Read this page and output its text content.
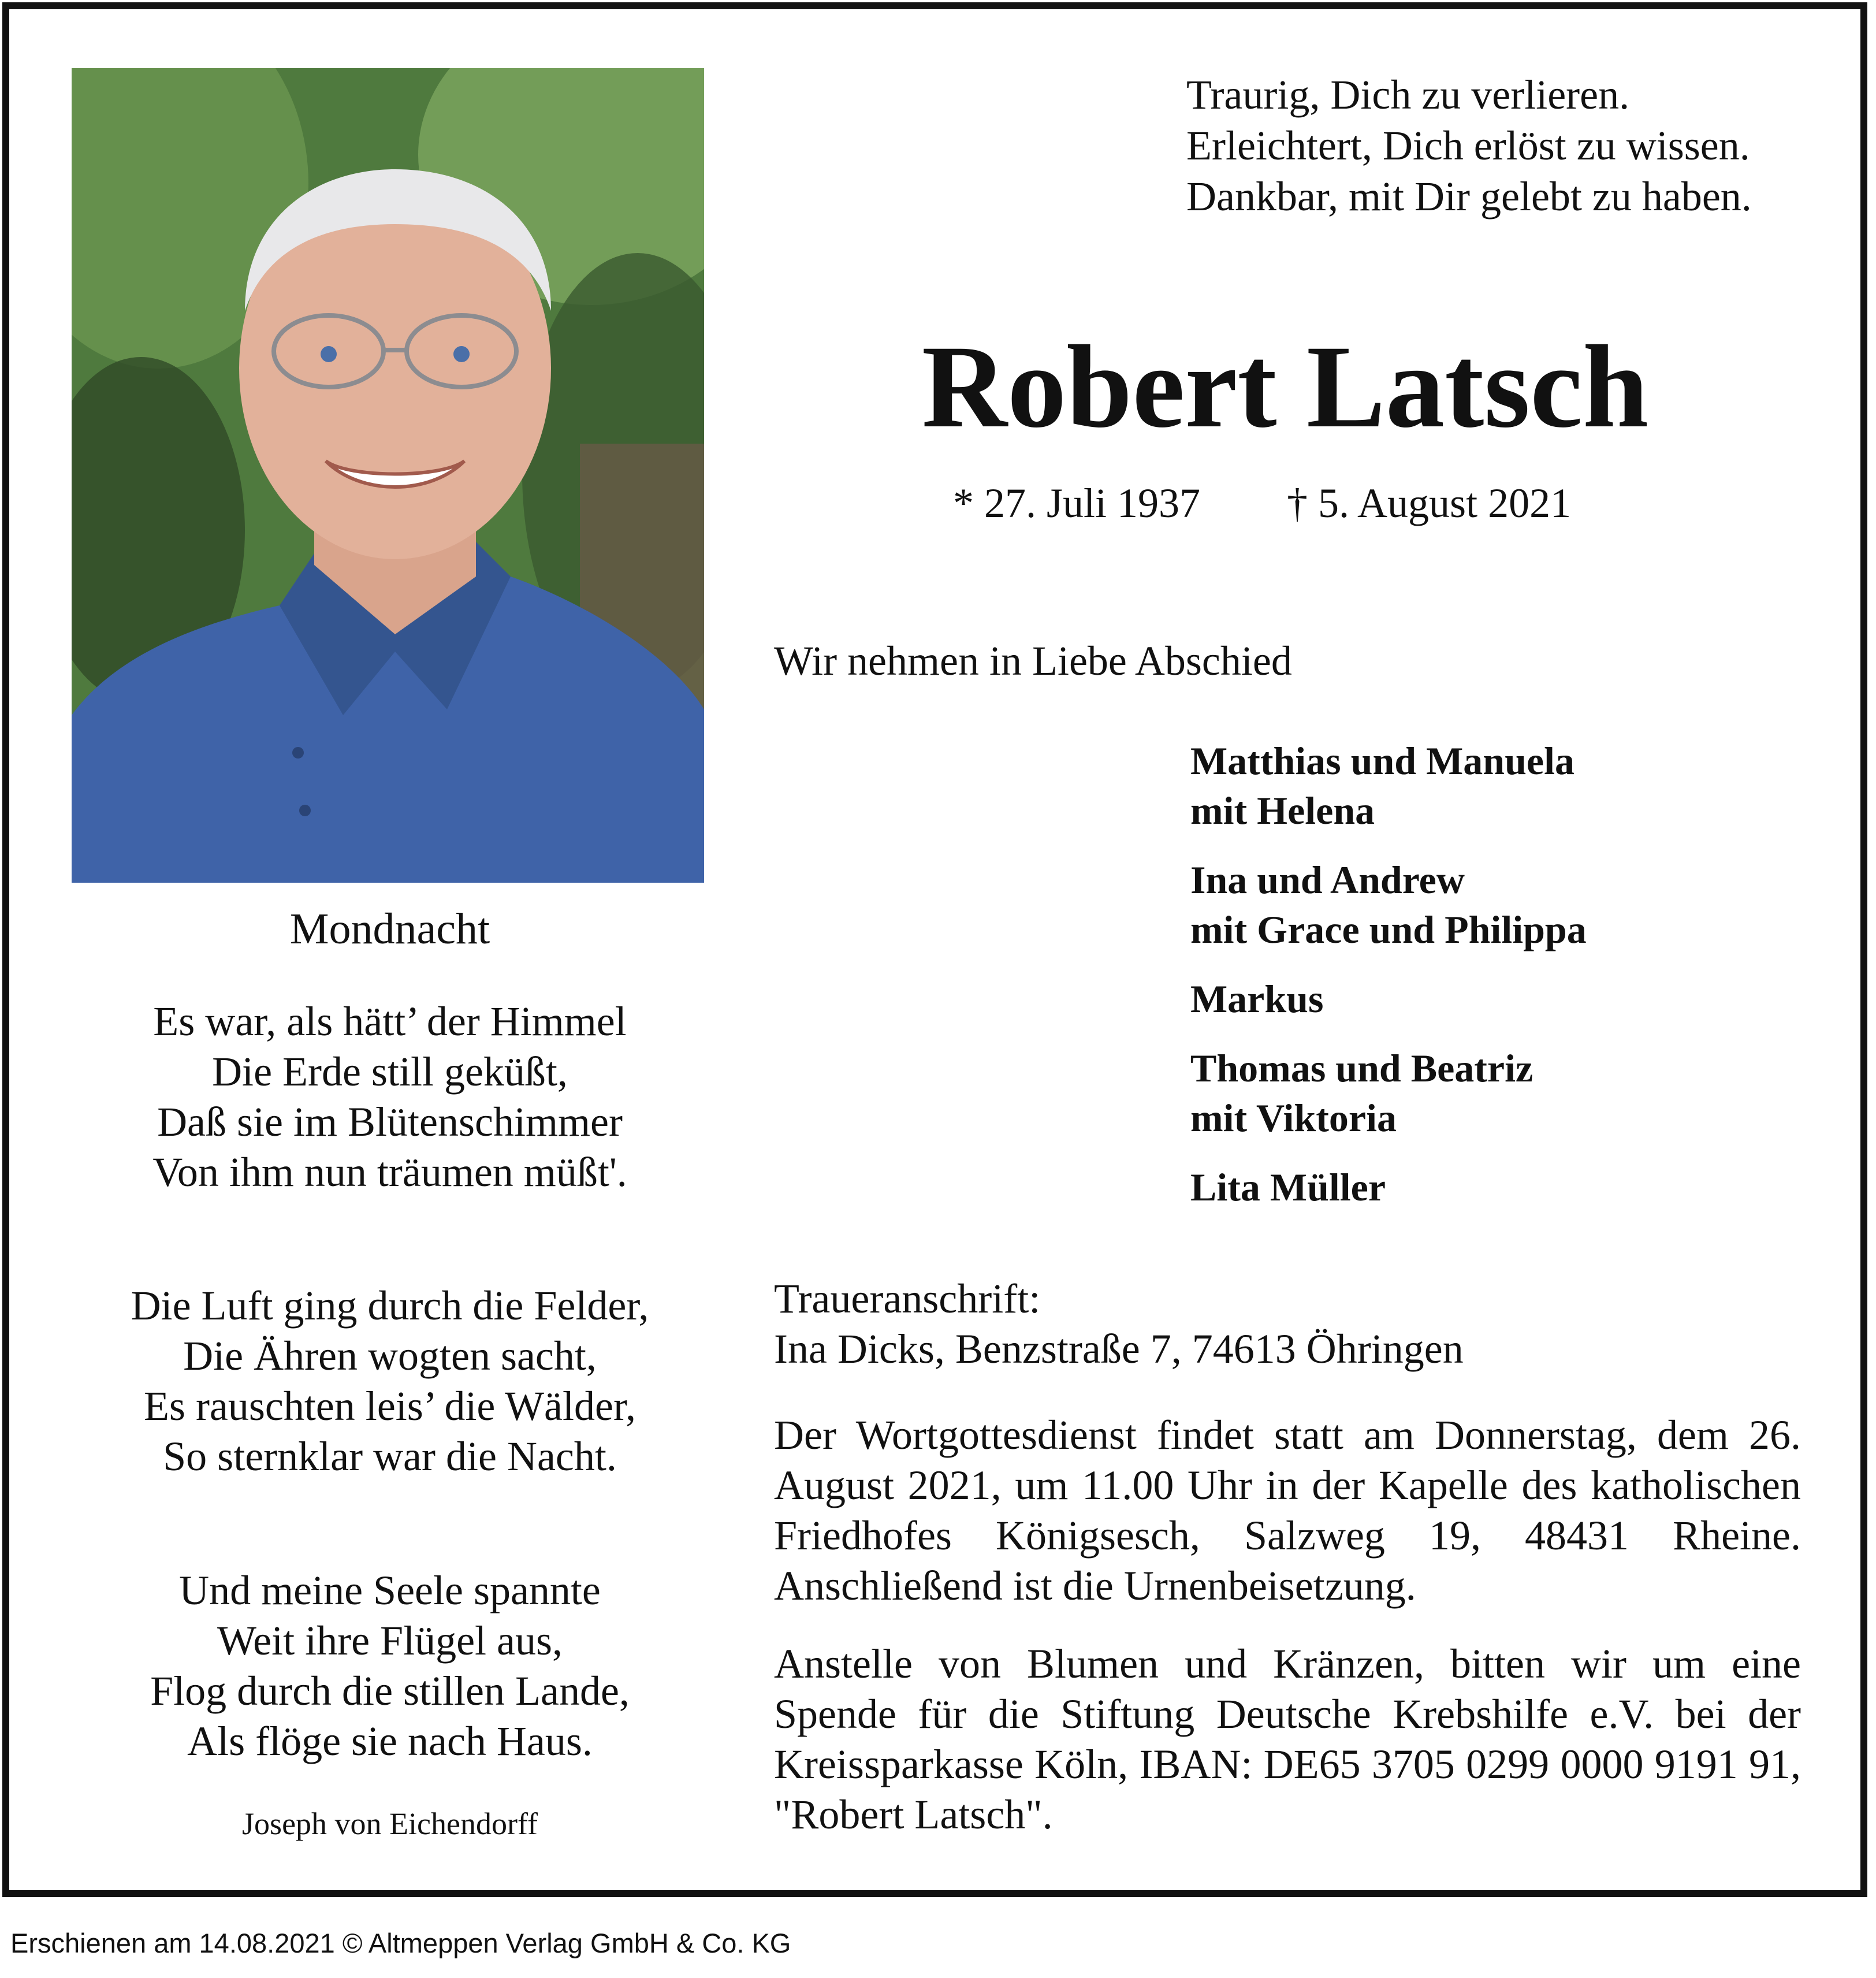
Mondnacht
Es war, als hätt’ der Himmel
Die Erde still geküßt,
Daß sie im Blütenschimmer
Von ihm nun träumen müßt'.
Die Luft ging durch die Felder,
Die Ähren wogten sacht,
Es rauschten leis’ die Wälder,
So sternklar war die Nacht.
Und meine Seele spannte
Weit ihre Flügel aus,
Flog durch die stillen Lande,
Als flöge sie nach Haus.
Joseph von Eichendorff
Traurig, Dich zu verlieren.
Erleichtert, Dich erlöst zu wissen.
Dankbar, mit Dir gelebt zu haben.
Robert Latsch
* 27. Juli 1937 † 5. August 2021
Wir nehmen in Liebe Abschied
Matthias und Manuela
mit Helena
Ina und Andrew
mit Grace und Philippa
Markus
Thomas und Beatriz
mit Viktoria
Lita Müller
Traueranschrift:
Ina Dicks, Benzstraße 7, 74613 Öhringen

Der Wortgottesdienst findet statt am Donnerstag, dem 26. August 2021, um 11.00 Uhr in der Kapelle des katholischen Friedhofes Königsesch, Salzweg 19, 48431 Rheine. Anschließend ist die Urnenbeisetzung.

Anstelle von Blumen und Kränzen, bitten wir um eine Spende für die Stiftung Deutsche Krebshilfe e.V. bei der Kreissparkasse Köln, IBAN: DE65 3705 0299 0000 9191 91, "Robert Latsch".

Erschienen am 14.08.2021 © Altmeppen Verlag GmbH & Co. KG
